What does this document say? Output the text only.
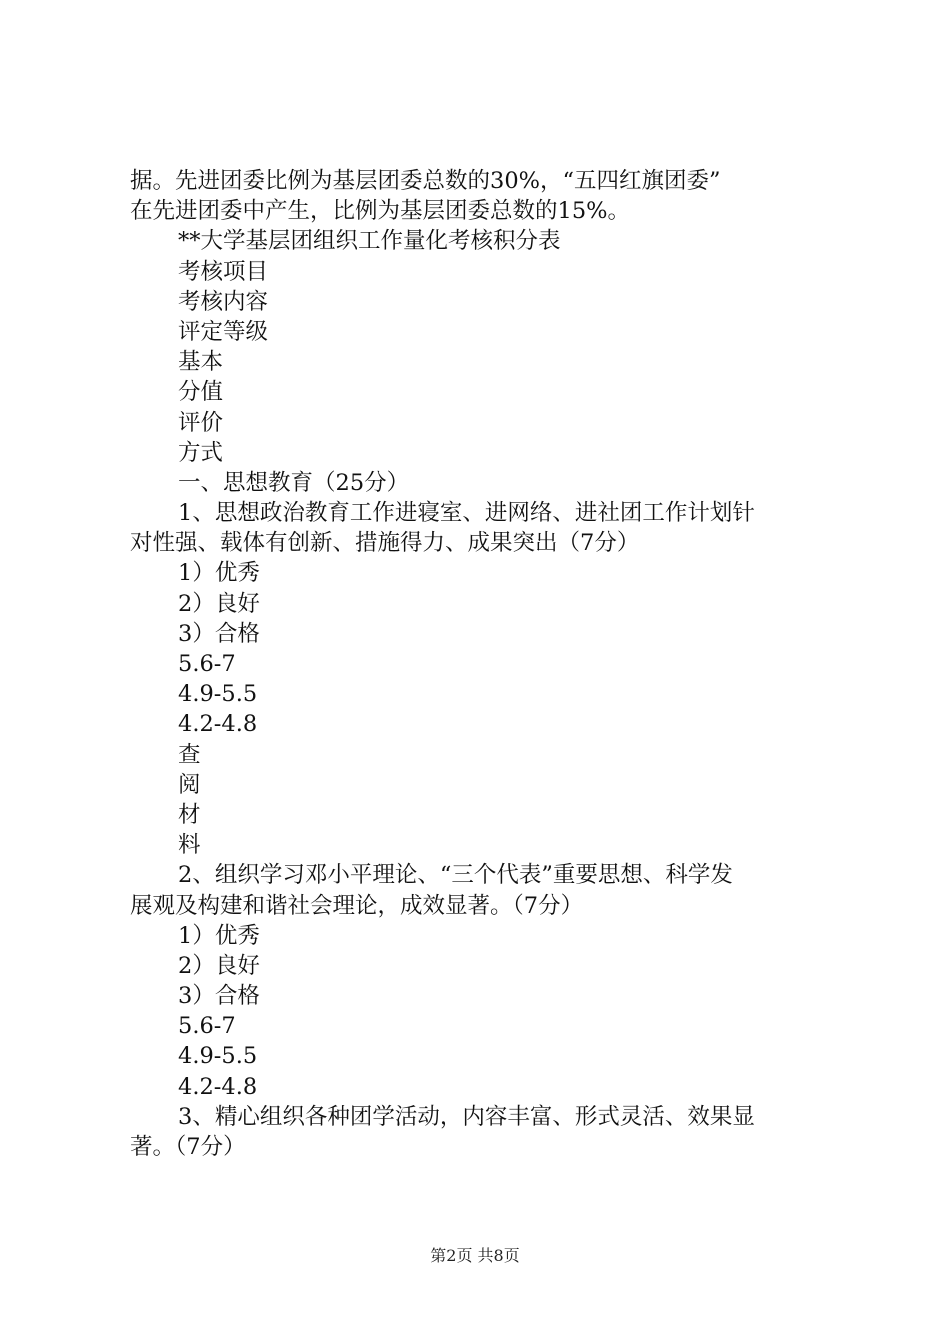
据。先进团委比例为基层团委总数的30%，“五四红旗团委”
在先进团委中产生，比例为基层团委总数的15%。
**大学基层团组织工作量化考核积分表
考核项目
考核内容
评定等级
基本
分值
评价
方式
一、思想教育（25分）
1、思想政治教育工作进寝室、进网络、进社团工作计划针
对性强、载体有创新、措施得力、成果突出（7分）
1）优秀
2）良好
3）合格
5.6-7
4.9-5.5
4.2-4.8
查
阅
材
料
2、组织学习邓小平理论、“三个代表”重要思想、科学发
展观及构建和谐社会理论，成效显著。（7分）
1）优秀
2）良好
3）合格
5.6-7
4.9-5.5
4.2-4.8
3、精心组织各种团学活动，内容丰富、形式灵活、效果显
著。（7分）
第2页 共8页
